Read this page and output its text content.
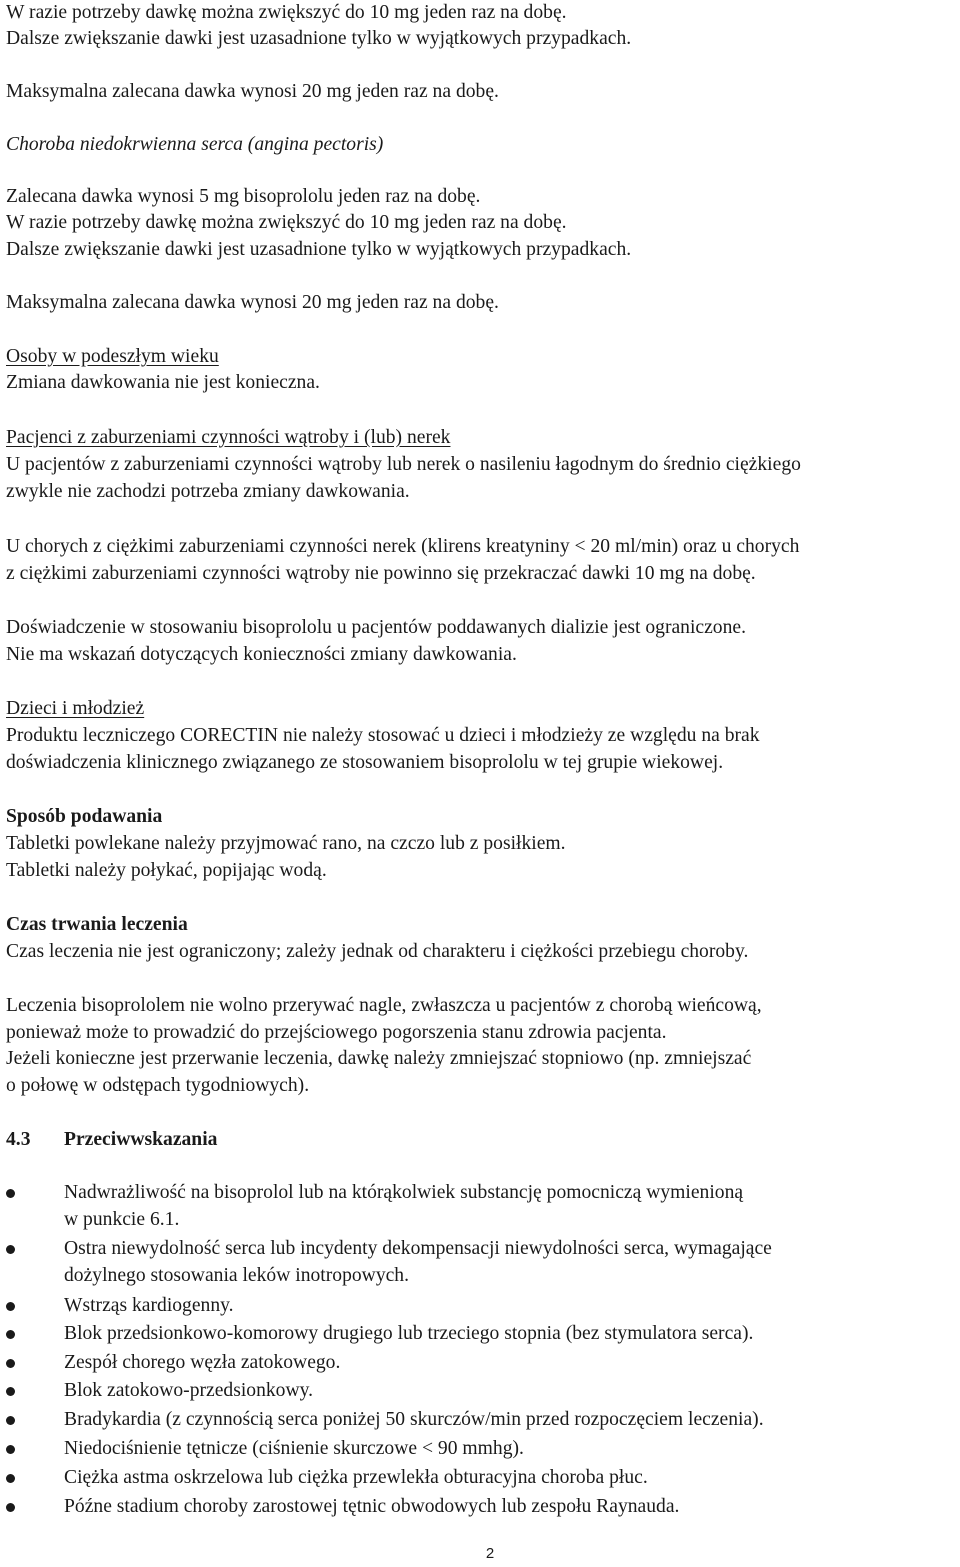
W razie potrzeby dawkę można zwiększyć do 10 mg jeden raz na dobę.
Dalsze zwiększanie dawki jest uzasadnione tylko w wyjątkowych przypadkach.
Maksymalna zalecana dawka wynosi 20 mg jeden raz na dobę.
Choroba niedokrwienna serca (angina pectoris)
Zalecana dawka wynosi 5 mg bisoprololu jeden raz na dobę.
W razie potrzeby dawkę można zwiększyć do 10 mg jeden raz na dobę.
Dalsze zwiększanie dawki jest uzasadnione tylko w wyjątkowych przypadkach.
Maksymalna zalecana dawka wynosi 20 mg jeden raz na dobę.
Osoby w podeszłym wieku
Zmiana dawkowania nie jest konieczna.
Pacjenci z zaburzeniami czynności wątroby i (lub) nerek
U pacjentów z zaburzeniami czynności wątroby lub nerek o nasileniu łagodnym do średnio ciężkiego
zwykle nie zachodzi potrzeba zmiany dawkowania.
U chorych z ciężkimi zaburzeniami czynności nerek (klirens kreatyniny < 20 ml/min) oraz u chorych
z ciężkimi zaburzeniami czynności wątroby nie powinno się przekraczać dawki 10 mg na dobę.
Doświadczenie w stosowaniu bisoprololu u pacjentów poddawanych dializie jest ograniczone.
Nie ma wskazań dotyczących konieczności zmiany dawkowania.
Dzieci i młodzież
Produktu leczniczego CORECTIN nie należy stosować u dzieci i młodzieży ze względu na brak
doświadczenia klinicznego związanego ze stosowaniem bisoprololu w tej grupie wiekowej.
Sposób podawania
Tabletki powlekane należy przyjmować rano, na czczo lub z posiłkiem.
Tabletki należy połykać, popijając wodą.
Czas trwania leczenia
Czas leczenia nie jest ograniczony; zależy jednak od charakteru i ciężkości przebiegu choroby.
Leczenia bisoprololem nie wolno przerywać nagle, zwłaszcza u pacjentów z chorobą wieńcową,
ponieważ może to prowadzić do przejściowego pogorszenia stanu zdrowia pacjenta.
Jeżeli konieczne jest przerwanie leczenia, dawkę należy zmniejszać stopniowo (np. zmniejszać
o połowę w odstępach tygodniowych).
4.3 Przeciwwskazania
Nadwrażliwość na bisoprolol lub na którąkolwiek substancję pomocniczą wymienioną
w punkcie 6.1.
Ostra niewydolność serca lub incydenty dekompensacji niewydolności serca, wymagające
dożylnego stosowania leków inotropowych.
Wstrząs kardiogenny.
Blok przedsionkowo-komorowy drugiego lub trzeciego stopnia (bez stymulatora serca).
Zespół chorego węzła zatokowego.
Blok zatokowo-przedsionkowy.
Bradykardia (z czynnością serca poniżej 50 skurczów/min przed rozpoczęciem leczenia).
Niedociśnienie tętnicze (ciśnienie skurczowe < 90 mmhg).
Ciężka astma oskrzelowa lub ciężka przewlekła obturacyjna choroba płuc.
Późne stadium choroby zarostowej tętnic obwodowych lub zespołu Raynauda.
2
